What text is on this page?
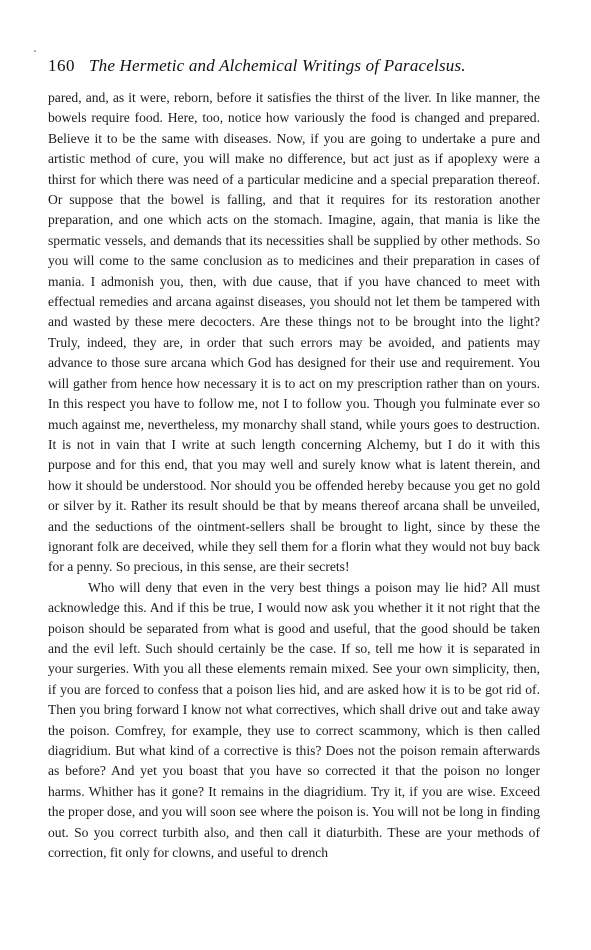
160 The Hermetic and Alchemical Writings of Paracelsus.

pared, and, as it were, reborn, before it satisfies the thirst of the liver. In like manner, the bowels require food. Here, too, notice how variously the food is changed and prepared. Believe it to be the same with diseases. Now, if you are going to undertake a pure and artistic method of cure, you will make no difference, but act just as if apoplexy were a thirst for which there was need of a particular medicine and a special preparation thereof. Or suppose that the bowel is falling, and that it requires for its restoration another preparation, and one which acts on the stomach. Imagine, again, that mania is like the spermatic vessels, and demands that its necessities shall be supplied by other methods. So you will come to the same conclusion as to medicines and their preparation in cases of mania. I admonish you, then, with due cause, that if you have chanced to meet with effectual remedies and arcana against diseases, you should not let them be tampered with and wasted by these mere decocters. Are these things not to be brought into the light? Truly, indeed, they are, in order that such errors may be avoided, and patients may advance to those sure arcana which God has designed for their use and requirement. You will gather from hence how necessary it is to act on my prescription rather than on yours. In this respect you have to follow me, not I to follow you. Though you fulminate ever so much against me, nevertheless, my monarchy shall stand, while yours goes to destruction. It is not in vain that I write at such length concerning Alchemy, but I do it with this purpose and for this end, that you may well and surely know what is latent therein, and how it should be understood. Nor should you be offended hereby because you get no gold or silver by it. Rather its result should be that by means thereof arcana shall be unveiled, and the seductions of the ointment-sellers shall be brought to light, since by these the ignorant folk are deceived, while they sell them for a florin what they would not buy back for a penny. So precious, in this sense, are their secrets!

Who will deny that even in the very best things a poison may lie hid? All must acknowledge this. And if this be true, I would now ask you whether it it not right that the poison should be separated from what is good and useful, that the good should be taken and the evil left. Such should certainly be the case. If so, tell me how it is separated in your surgeries. With you all these elements remain mixed. See your own simplicity, then, if you are forced to confess that a poison lies hid, and are asked how it is to be got rid of. Then you bring forward I know not what correctives, which shall drive out and take away the poison. Comfrey, for example, they use to correct scammony, which is then called diagridium. But what kind of a corrective is this? Does not the poison remain afterwards as before? And yet you boast that you have so corrected it that the poison no longer harms. Whither has it gone? It remains in the diagridium. Try it, if you are wise. Exceed the proper dose, and you will soon see where the poison is. You will not be long in finding out. So you correct turbith also, and then call it diaturbith. These are your methods of correction, fit only for clowns, and useful to drench
